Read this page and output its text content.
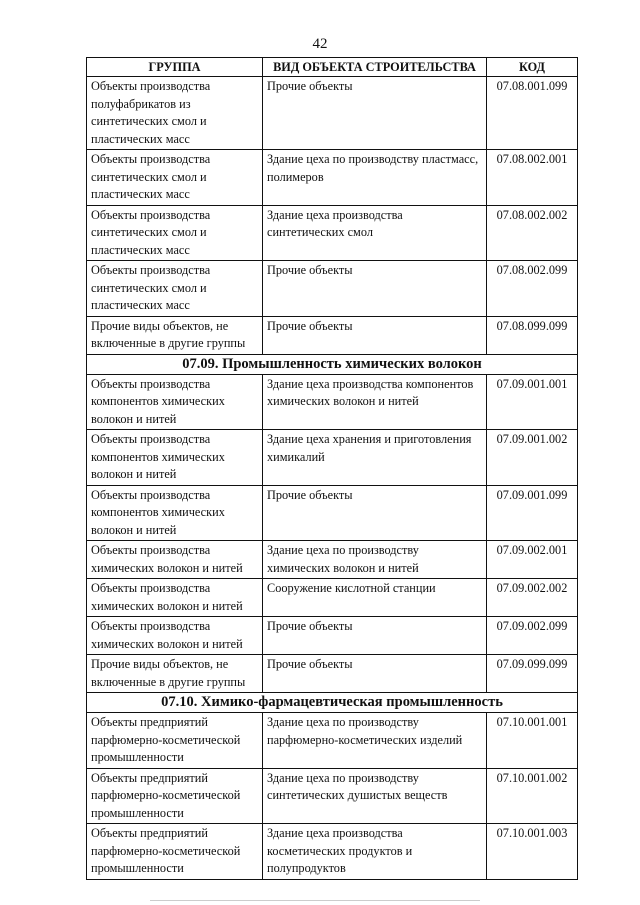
42
ГРУППА	ВИД ОБЪЕКТА СТРОИТЕЛЬСТВА	КОД
Объекты производства полуфабрикатов из синтетических смол и пластических масс	Прочие объекты	07.08.001.099
Объекты производства синтетических смол и пластических масс	Здание цеха по производству пластмасс, полимеров	07.08.002.001
Объекты производства синтетических смол и пластических масс	Здание цеха производства синтетических смол	07.08.002.002
Объекты производства синтетических смол и пластических масс	Прочие объекты	07.08.002.099
Прочие виды объектов, не включенные в другие группы	Прочие объекты	07.08.099.099
07.09. Промышленность химических волокон		
Объекты производства компонентов химических волокон и нитей	Здание цеха производства компонентов химических волокон и нитей	07.09.001.001
Объекты производства компонентов химических волокон и нитей	Здание цеха хранения и приготовления химикалий	07.09.001.002
Объекты производства компонентов химических волокон и нитей	Прочие объекты	07.09.001.099
Объекты производства химических волокон и нитей	Здание цеха по производству химических волокон и нитей	07.09.002.001
Объекты производства химических волокон и нитей	Сооружение кислотной станции	07.09.002.002
Объекты производства химических волокон и нитей	Прочие объекты	07.09.002.099
Прочие виды объектов, не включенные в другие группы	Прочие объекты	07.09.099.099
07.10. Химико-фармацевтическая промышленность		
Объекты предприятий парфюмерно-косметической промышленности	Здание цеха по производству парфюмерно-косметических изделий	07.10.001.001
Объекты предприятий парфюмерно-косметической промышленности	Здание цеха по производству синтетических душистых веществ	07.10.001.002
Объекты предприятий парфюмерно-косметической промышленности	Здание цеха производства косметических продуктов и полупродуктов	07.10.001.003
